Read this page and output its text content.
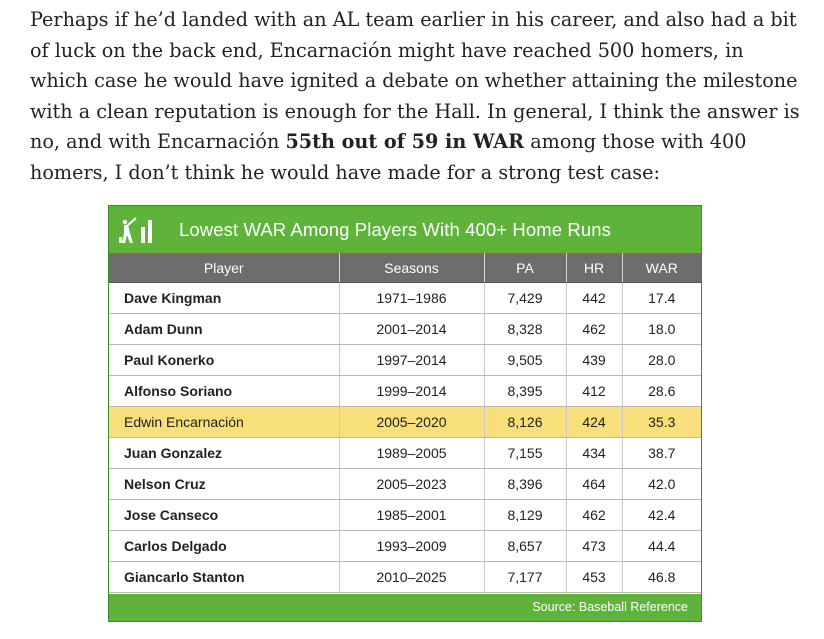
Perhaps if he’d landed with an AL team earlier in his career, and also had a bit of luck on the back end, Encarnación might have reached 500 homers, in which case he would have ignited a debate on whether attaining the milestone with a clean reputation is enough for the Hall. In general, I think the answer is no, and with Encarnación 55th out of 59 in WAR among those with 400 homers, I don’t think he would have made for a strong test case:

Lowest WAR Among Players With 400+ Home Runs
Player	Seasons	PA	HR	WAR
Dave Kingman	1971–1986	7,429	442	17.4
Adam Dunn	2001–2014	8,328	462	18.0
Paul Konerko	1997–2014	9,505	439	28.0
Alfonso Soriano	1999–2014	8,395	412	28.6
Edwin Encarnación	2005–2020	8,126	424	35.3
Juan Gonzalez	1989–2005	7,155	434	38.7
Nelson Cruz	2005–2023	8,396	464	42.0
Jose Canseco	1985–2001	8,129	462	42.4
Carlos Delgado	1993–2009	8,657	473	44.4
Giancarlo Stanton	2010–2025	7,177	453	46.8
Source: Baseball Reference
